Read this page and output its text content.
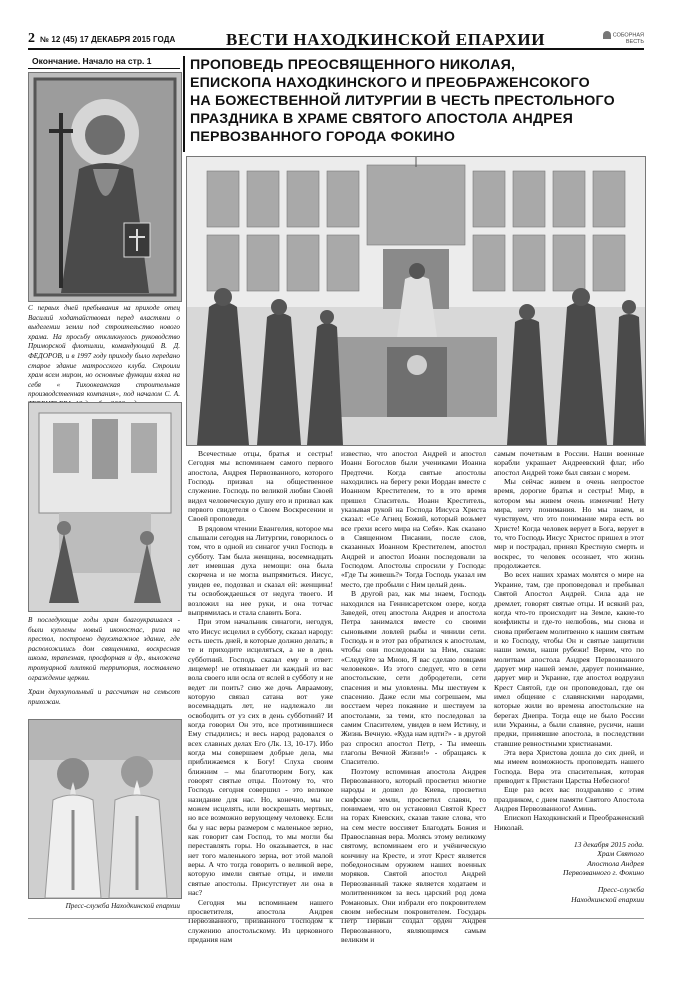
2 № 12 (45) 17 ДЕКАБРЯ 2015 ГОДА	ВЕСТИ НАХОДКИНСКОЙ ЕПАРХИИ	СОБОРНАЯ ВЕСТЬ
Окончание. Начало на стр. 1
С первых дней пребывания на приходе отец Василий ходатайствовал перед властями о выделении земли под строительство нового храма. На просьбу откликнулось руководство Приморской флотилии, командующий В. Д. ФЕДОРОВ, и в 1997 году приходу было передано старое здание матросского клуба. Строили храм всем миром, но основные функции взяла на себя « Тихоокеанская строительная производственная компания», под началом С. А.
В последующие годы храм благоукрашался - были куплены новый иконостас, риза на престол, построено двухэтажное здание, где расположились дом священника, воскресная школа, трапезная, просфорная и др., выложена тротуарной плиткой территория, поставлено ограждение церкви.
Храм двухкупольный и рассчитан на семьсот прихожан.
Пресс-служба Находкинской епархии
ПРОПОВЕДЬ ПРЕОСВЯЩЕННОГО НИКОЛАЯ,
ЕПИСКОПА НАХОДКИНСКОГО И ПРЕОБРАЖЕНСОКОГО
НА БОЖЕСТВЕННОЙ ЛИТУРГИИ В ЧЕСТЬ ПРЕСТОЛЬНОГО
ПРАЗДНИКА В ХРАМЕ СВЯТОГО АПОСТОЛА АНДРЕЯ
ПЕРВОЗВАННОГО ГОРОДА ФОКИНО

Всечестные отцы, братья и сестры! Сегодня мы вспоминаем самого первого апостола, Андрея Первозванного, которого Господь призвал на общественное служение. Господь по великой любви Своей видел человеческую душу его и призвал как первого свидетеля о Своем Воскресении и Своей проповеди.

В рядовом чтении Евангелия, которое мы слышали сегодня на Литургии, говорилось о том, что в одной из синагог учил Господь в субботу. Там была женщина, восемнадцать лет имевшая духа немощи: она была скорчена и не могла выпрямиться. Иисус, увидев ее, подозвал и сказал ей: женщина! ты освобождаешься от недуга твоего. И возложил на нее руки, и она тотчас выпрямилась и стала славить Бога.

При этом начальник синагоги, негодуя, что Иисус исцелил в субботу, сказал народу: есть шесть дней, в которые должно делать; в те и приходите исцеляться, а не в день субботний. Господь сказал ему в ответ: лицемер! не отвязывает ли каждый из вас вола своего или осла от яслей в субботу и не ведет ли поить? сию же дочь Авраамову, которую связал сатана вот уже восемнадцать лет, не надлежало ли освободить от уз сих в день субботний? И когда говорил Он это, все противившиеся Ему стыдились; и весь народ радовался о всех славных делах Его (Лк. 13, 10-17). Ибо когда мы совершаем добрые дела, мы приближаемся к Богу! Слуха своим ближним – мы благотворим Богу, как говорят святые отцы. Поэтому то, что Господь сегодня совершил - это великое назидание для нас. Но, конечно, мы не можем исцелять, или воскрешать мертвых, но все возможно верующему человеку. Если бы у нас веры размером с маленькое зерно, как говорит сам Господ, то мы могли бы переставлять горы. Но оказывается, в нас нет того маленького зерна, вот этой малой веры. А что тогда говорить о великой вере, которую имели святые отцы, и имели святые апостолы. Присутствует ли она в нас?

Сегодня мы вспоминаем нашего просветителя, апостола Андрея Первозванного, призванного Господом к служению апостольскому. Из церковного предания нам

известно, что апостол Андрей и апостол Иоанн Богослов были учениками Иоанна Предтечи. Когда святые апостолы находились на берегу реки Иордан вместе с Иоанном Крестителем, то в это время пришел Спаситель. Иоанн Креститель, указывая рукой на Господа Иисуса Христа сказал: «Се Агнец Божий, который возьмет все грехи всего мира на Себя». Как сказано в Священном Писании, после слов, сказанных Иоанном Крестителем, апостол Андрей и апостол Иоанн последовали за Господом. Апостолы спросили у Господа: «Где Ты живешь?» Тогда Господь указал им место, где пробыли с Ним целый день.

В другой раз, как мы знаем, Господь находился на Геннисаретском озере, когда Заведей, отец апостола Андрея и апостола Петра занимался вместе со своими сыновьями ловлей рыбы и чинили сети. Господь и в этот раз обратился к апостолам, чтобы они последовали за Ним, сказав: «Следуйте за Мною, Я вас сделаю ловцами человеков». Из этого следует, что в сети апостольские, сети добродетели, сети спасения и мы уловлены. Мы шествуем к спасению. Даже если мы согрешаем, мы восстаем через покаяние и шествуем за апостолами, за теми, кто последовал за самим Спасителем, увидев в нем Истину, и Жизнь Вечную. «Куда нам идти?» - в другой раз спросил апостол Петр, - Ты имеешь глаголы Вечной Жизни!» - обращаясь к Спасителю.

Поэтому вспоминая апостола Андрея Первозванного, который просветил многие народы и дошел до Киева, просветил скифские земли, просветил славян, то понимаем, что он установил Святой Крест на горах Киевских, сказав такие слова, что на сем месте воссияет Благодать Божия и Православная вера. Молясь этому великому святому, вспоминаем его и учёническую кончину на Кресте, и этот Крест является победоносным оружием наших военных моряков. Святой апостол Андрей Первозванный также является ходатаем и молитвенником за весь царский род дома Романовых. Они избрали его покровителем своим небесным покровителем. Государь Петр Первый создал орден Андрея Первозванного, являющимся самым великим и

самым почетным в России. Наши военные корабли украшает Андреевский флаг, ибо апостол Андрей тоже был связан с морем.

Мы сейчас живем в очень непростое время, дорогие братья и сестры! Мир, в котором мы живем очень изменчив! Нету мира, нету понимания. Но мы знаем, и чувствуем, что это понимание мира есть во Христе! Когда человек верует в Бога, верует в то, что Господь Иисус Христос пришел в этот мир и пострадал, принял Крестную смерть и воскрес, то человек осознает, что жизнь продолжается.

Во всех наших храмах молятся о мире на Украине, там, где проповедовал и пребывал Святой Апостол Андрей. Сила ада не дремлет, говорят святые отцы. И всякий раз, когда что-то происходит на Земле, какие-то конфликты и где-то нелюбовь, мы снова и снова прибегаем молитвенно к нашим святым и ко Господу, чтобы Он и святые защитили наши земли, наши рубежи! Верим, что по молитвам апостола Андрея Первозванного дарует мир нашей земле, дарует понимание, дарует мир и Украине, где апостол водрузил Крест Святой, где он проповедовал, где он имел общение с славянскими народами, которые жили во времена апостольские на берегах Днепра. Тогда еще не было России или Украины, а были славяне, русичи, наши предки, принявшие апостола, в последствии ставшие ревностными христианами.

Эта вера Христова дошла до сих дней, и мы имеем возможность проповедать нашего Господа. Вера эта спасительная, которая приводит к Пристани Царства Небесного!

Еще раз всех вас поздравляю с этим праздником, с днем памяти Святого Апостола Андрея Первозванного! Аминь.

Епископ Находкинский и Преображенский Николай.

13 декабря 2015 года.
Храм Святого
Апостола Андрея
Первозванного г. Фокино
Пресс-служба
Находкинской епархии
